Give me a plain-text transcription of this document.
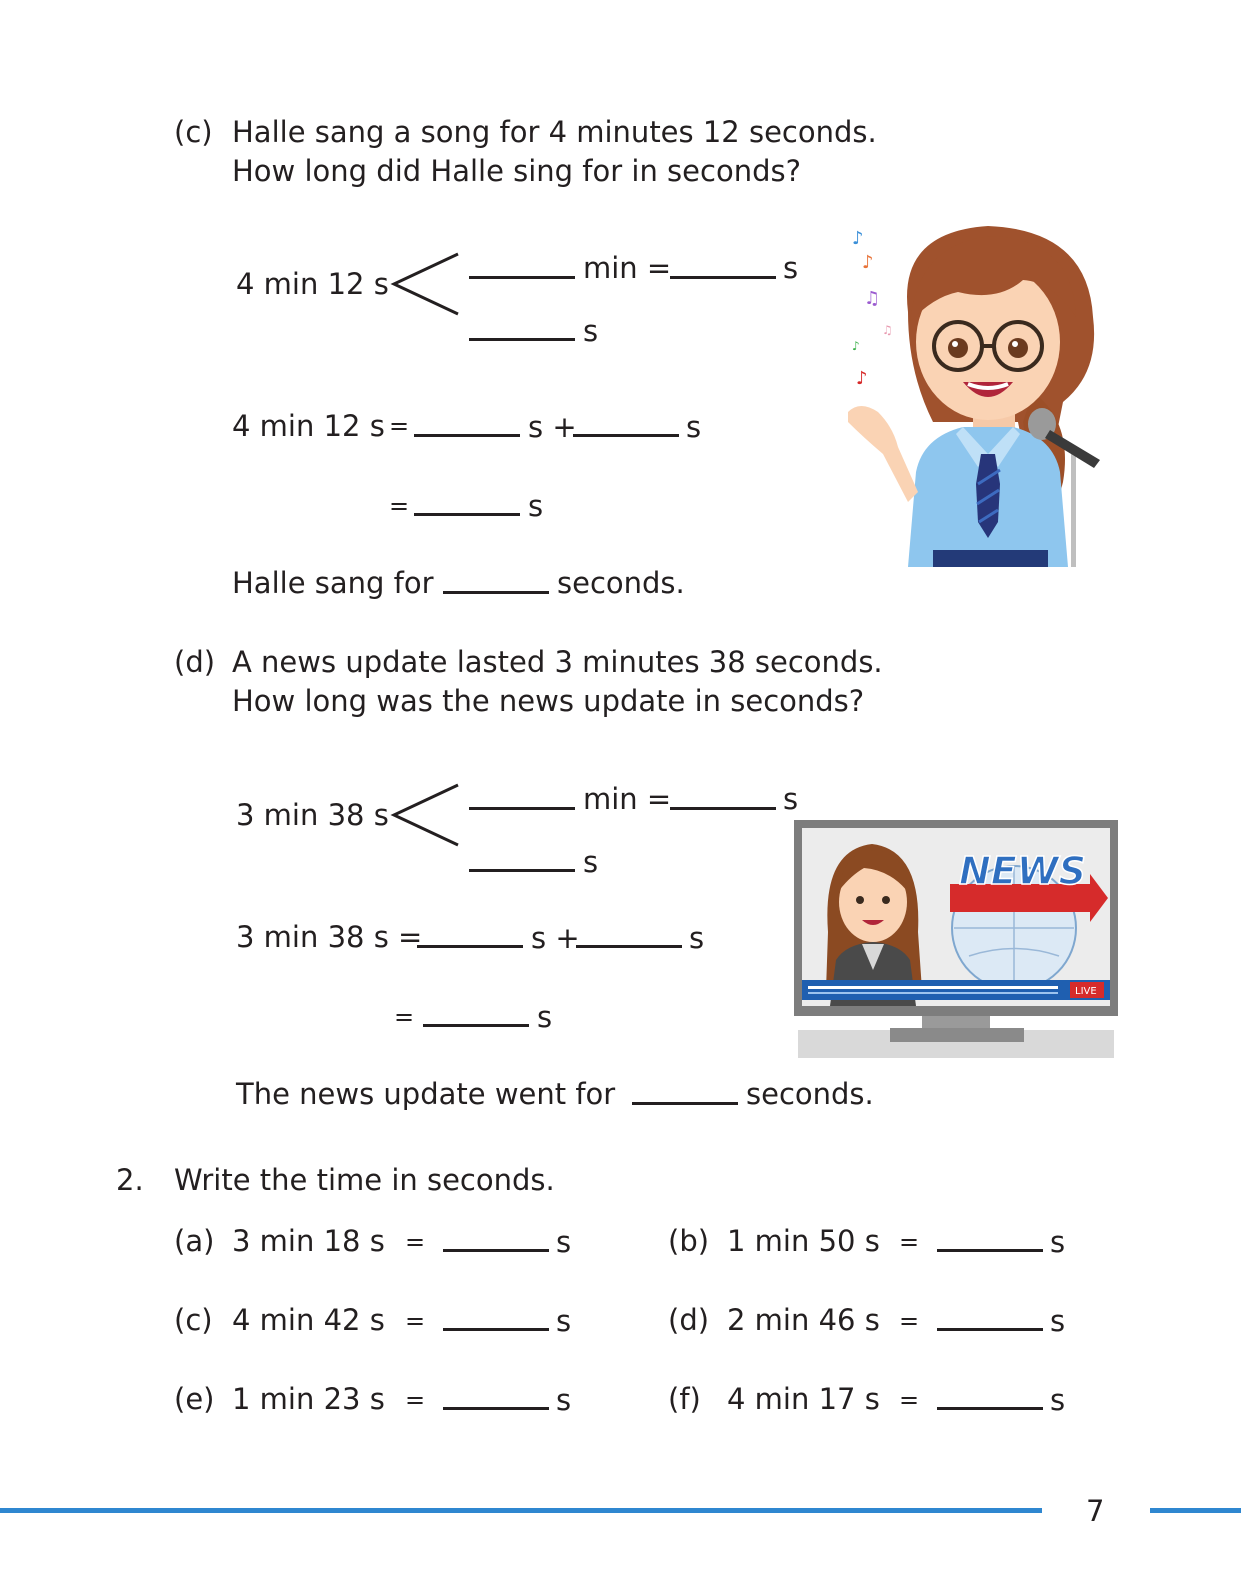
(c) Halle sang a song for 4 minutes 12 seconds.
How long did Halle sing for in seconds?
4 min 12 s	min =	s
s
4 min 12 s =	s +	s
=	s
Halle sang for	seconds.
♪
♪
♫
♫
♪
♪
(d) A news update lasted 3 minutes 38 seconds.
How long was the news update in seconds?
3 min 38 s	min =	s
s
3 min 38 s =	s +	s
=	s
The news update went for	seconds.
NEWS
LIVE
2. Write the time in seconds.
(a) 3 min 18 s =	s	(b) 1 min 50 s =	s
(c) 4 min 42 s =	s	(d) 2 min 46 s =	s
(e) 1 min 23 s =	s	(f) 4 min 17 s =	s
7
